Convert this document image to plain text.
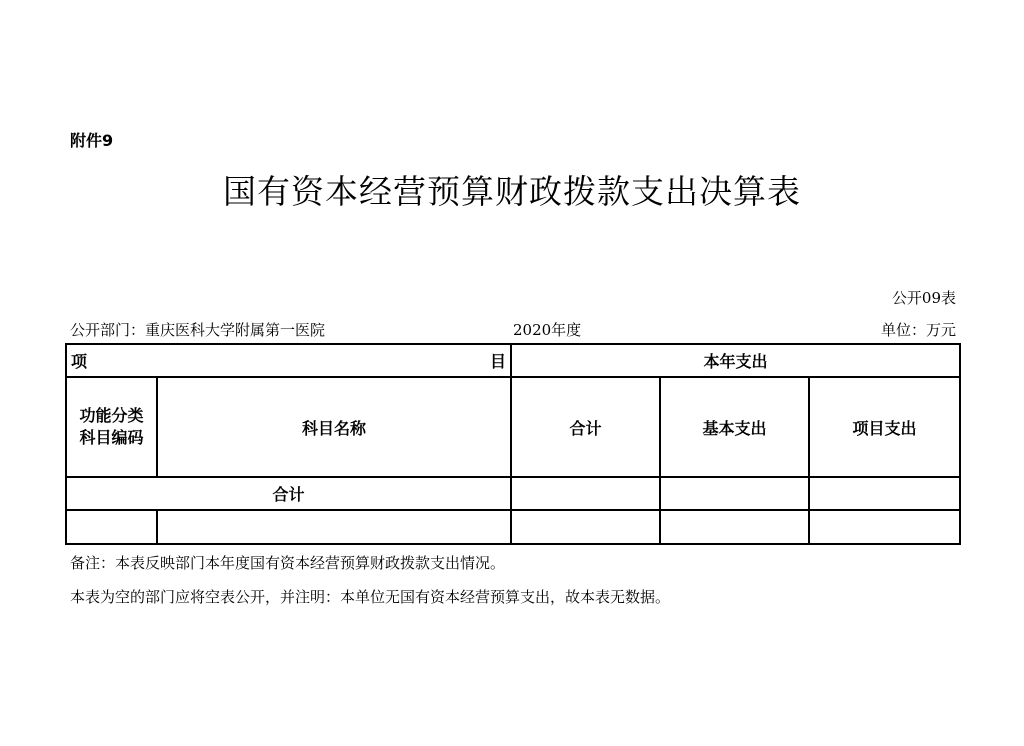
附件9
国有资本经营预算财政拨款支出决算表
公开09表
公开部门：重庆医科大学附属第一医院	2020年度	单位：万元
项 目		本年支出		

功能分类
科目编码	科目名称	合计	基本支出	项目支出
合计				

备注：本表反映部门本年度国有资本经营预算财政拨款支出情况。
本表为空的部门应将空表公开，并注明：本单位无国有资本经营预算支出，故本表无数据。
